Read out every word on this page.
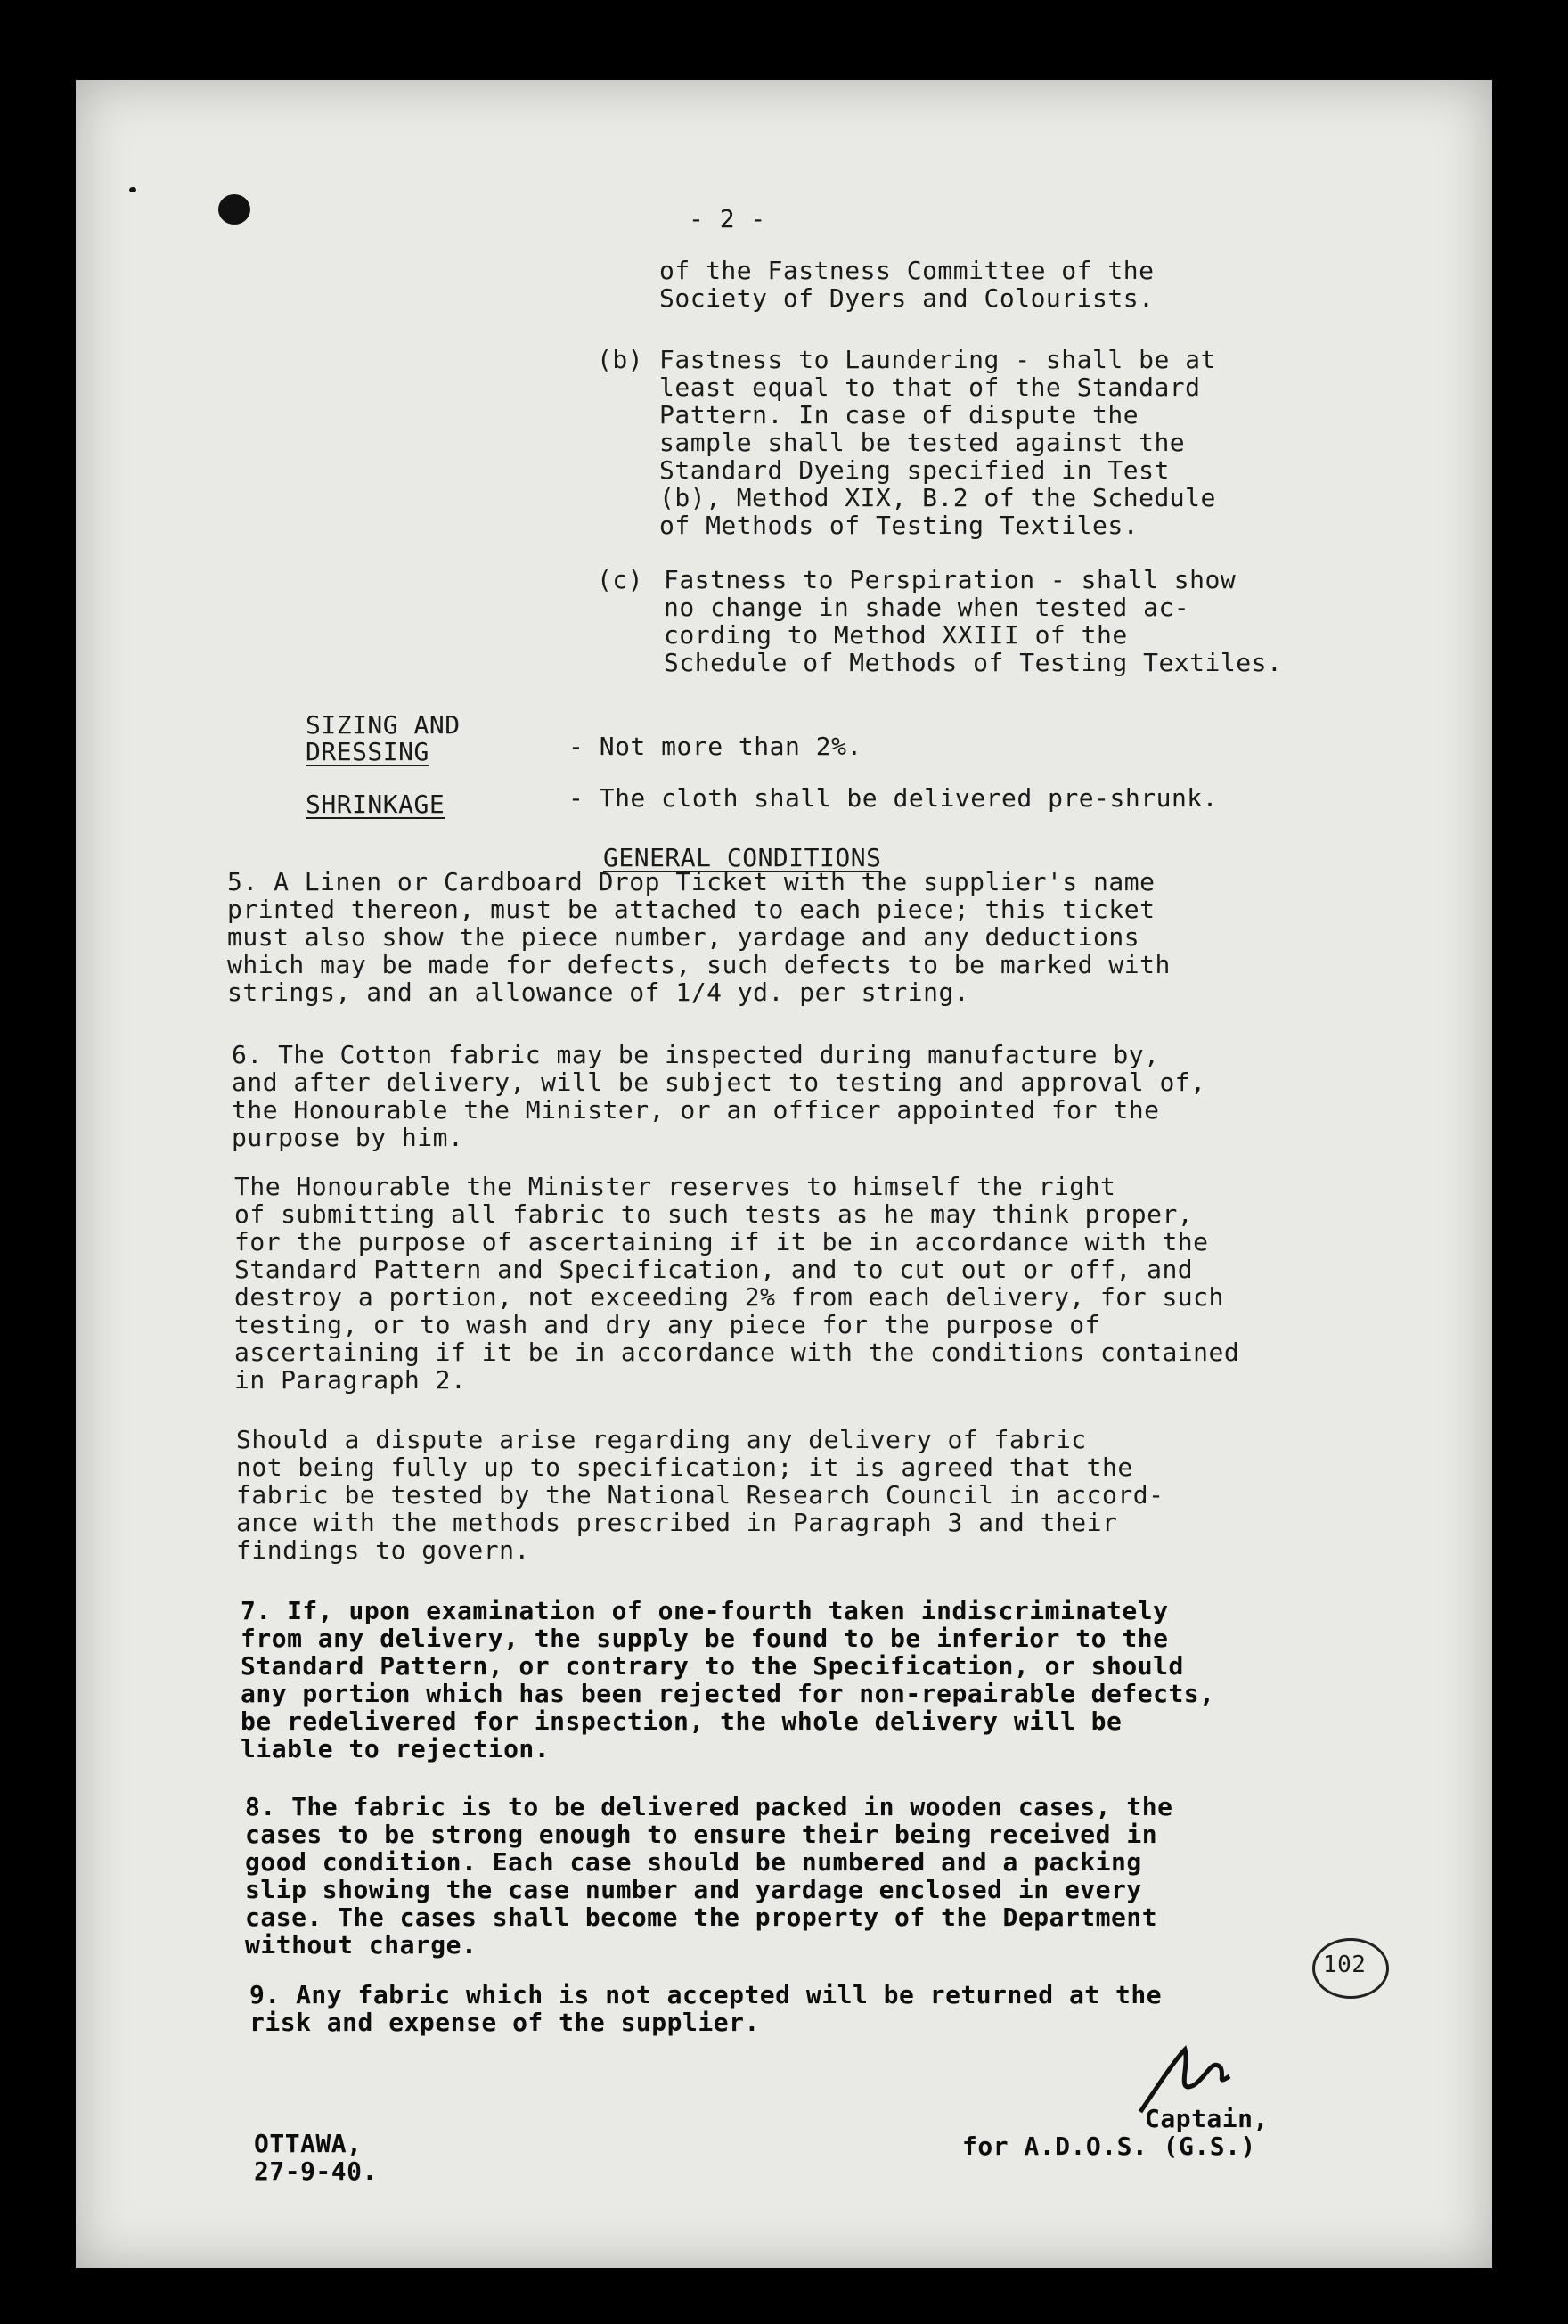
- 2 -
of the Fastness Committee of the
Society of Dyers and Colourists.
(b) Fastness to Laundering - shall be at
least equal to that of the Standard
Pattern. In case of dispute the
sample shall be tested against the
Standard Dyeing specified in Test
(b), Method XIX, B.2 of the Schedule
of Methods of Testing Textiles.
(c) Fastness to Perspiration - shall show
no change in shade when tested ac-
cording to Method XXIII of the
Schedule of Methods of Testing Textiles.
SIZING AND
DRESSING	- Not more than 2%.
SHRINKAGE	- The cloth shall be delivered pre-shrunk.
GENERAL CONDITIONS
5. A Linen or Cardboard Drop Ticket with the supplier's name
printed thereon, must be attached to each piece; this ticket
must also show the piece number, yardage and any deductions
which may be made for defects, such defects to be marked with
strings, and an allowance of 1/4 yd. per string.
6. The Cotton fabric may be inspected during manufacture by,
and after delivery, will be subject to testing and approval of,
the Honourable the Minister, or an officer appointed for the
purpose by him.
The Honourable the Minister reserves to himself the right
of submitting all fabric to such tests as he may think proper,
for the purpose of ascertaining if it be in accordance with the
Standard Pattern and Specification, and to cut out or off, and
destroy a portion, not exceeding 2% from each delivery, for such
testing, or to wash and dry any piece for the purpose of
ascertaining if it be in accordance with the conditions contained
in Paragraph 2.
Should a dispute arise regarding any delivery of fabric
not being fully up to specification; it is agreed that the
fabric be tested by the National Research Council in accord-
ance with the methods prescribed in Paragraph 3 and their
findings to govern.
7. If, upon examination of one-fourth taken indiscriminately
from any delivery, the supply be found to be inferior to the
Standard Pattern, or contrary to the Specification, or should
any portion which has been rejected for non-repairable defects,
be redelivered for inspection, the whole delivery will be
liable to rejection.
8. The fabric is to be delivered packed in wooden cases, the
cases to be strong enough to ensure their being received in
good condition. Each case should be numbered and a packing
slip showing the case number and yardage enclosed in every
case. The cases shall become the property of the Department
without charge.
9. Any fabric which is not accepted will be returned at the
risk and expense of the supplier.
OTTAWA,
27-9-40.
Captain,
for A.D.O.S. (G.S.)
102
